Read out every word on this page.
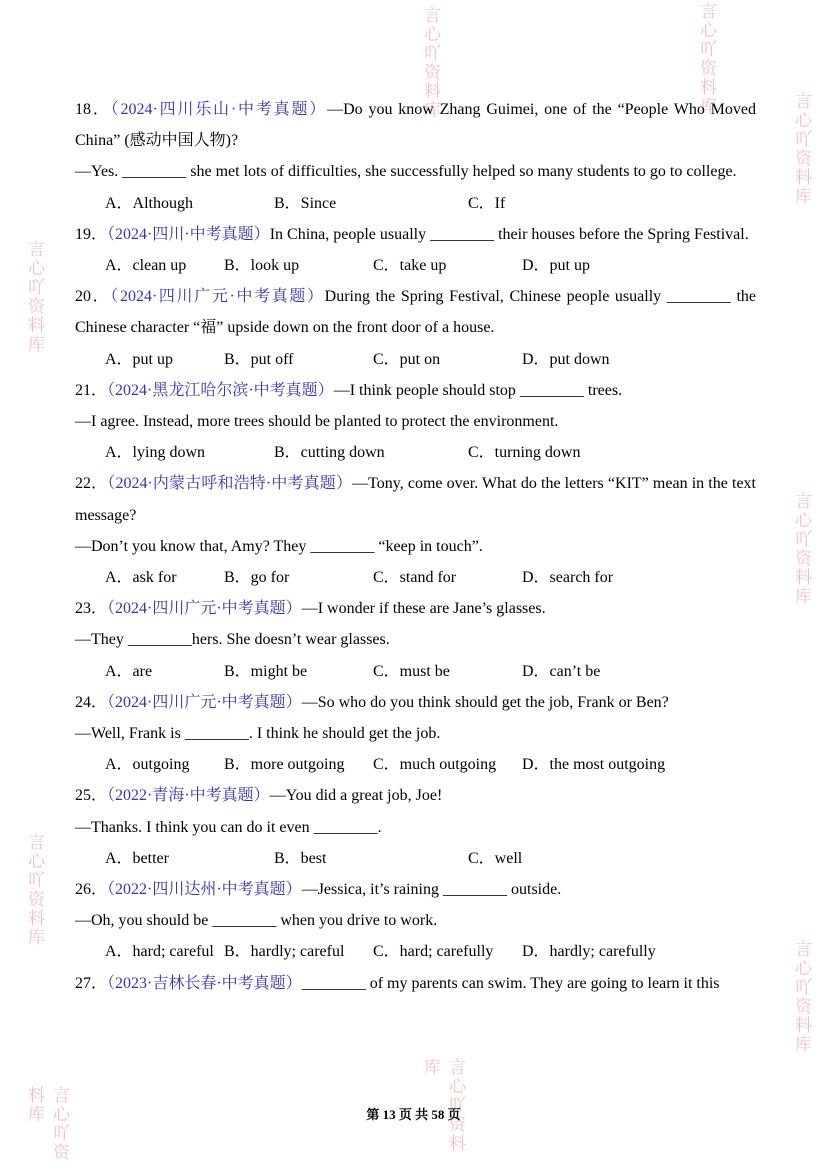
言心吖资料库	言心吖资料库
言心吖资料库
言心吖资料库
言心吖资料库
言心吖资料库
言心吖资料库
言心吖资料库
言心吖资料库

18．（2024·四川乐山·中考真题）—Do you know Zhang Guimei, one of the “People Who Moved China” (感动中国人物)?

—Yes. ________ she met lots of difficulties, she successfully helped so many students to go to college.

A．Although	B．Since	C．If

19．（2024·四川·中考真题）In China, people usually ________ their houses before the Spring Festival.

A．clean up B．look up	C．take up	D．put up

20．（2024·四川广元·中考真题）During the Spring Festival, Chinese people usually ________ the Chinese character “福” upside down on the front door of a house.

A．put up	B．put off	C．put on	D．put down

21．（2024·黑龙江哈尔滨·中考真题）—I think people should stop ________ trees.

—I agree. Instead, more trees should be planted to protect the environment.

A．lying down	B．cutting down	C．turning down

22．（2024·内蒙古呼和浩特·中考真题）—Tony, come over. What do the letters “KIT” mean in the text message?

—Don’t you know that, Amy? They ________ “keep in touch”.

A．ask for	B．go for	C．stand for	D．search for

23．（2024·四川广元·中考真题）—I wonder if these are Jane’s glasses.

—They ________hers. She doesn’t wear glasses.

A．are	B．might be	C．must be	D．can’t be

24．（2024·四川广元·中考真题）—So who do you think should get the job, Frank or Ben?

—Well, Frank is ________. I think he should get the job.

A．outgoing B．more outgoing C．much outgoing D．the most outgoing

25．（2022·青海·中考真题）—You did a great job, Joe!

—Thanks. I think you can do it even ________.

A．better	B．best	C．well

26．（2022·四川达州·中考真题）—Jessica, it’s raining ________ outside.

—Oh, you should be ________ when you drive to work.

A．hard; careful B．hardly; careful C．hard; carefully D．hardly; carefully

27．（2023·吉林长春·中考真题）________ of my parents can swim. They are going to learn it this

第 13 页 共 58 页
